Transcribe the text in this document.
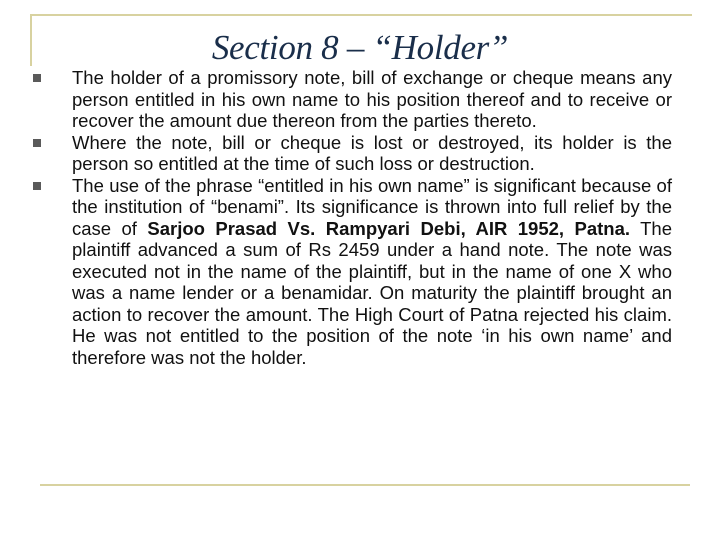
Section 8 – “Holder”

The holder of a promissory note, bill of exchange or cheque means any person entitled in his own name to his position thereof and to receive or recover the amount due thereon from the parties thereto.

Where the note, bill or cheque is lost or destroyed, its holder is the person so entitled at the time of such loss or destruction.

The use of the phrase “entitled in his own name” is significant because of the institution of “benami”. Its significance is thrown into full relief by the case of Sarjoo Prasad Vs. Rampyari Debi, AIR 1952, Patna. The plaintiff advanced a sum of Rs 2459 under a hand note. The note was executed not in the name of the plaintiff, but in the name of one X who was a name lender or a benamidar. On maturity the plaintiff brought an action to recover the amount. The High Court of Patna rejected his claim. He was not entitled to the position of the note ‘in his own name’ and therefore was not the holder.
